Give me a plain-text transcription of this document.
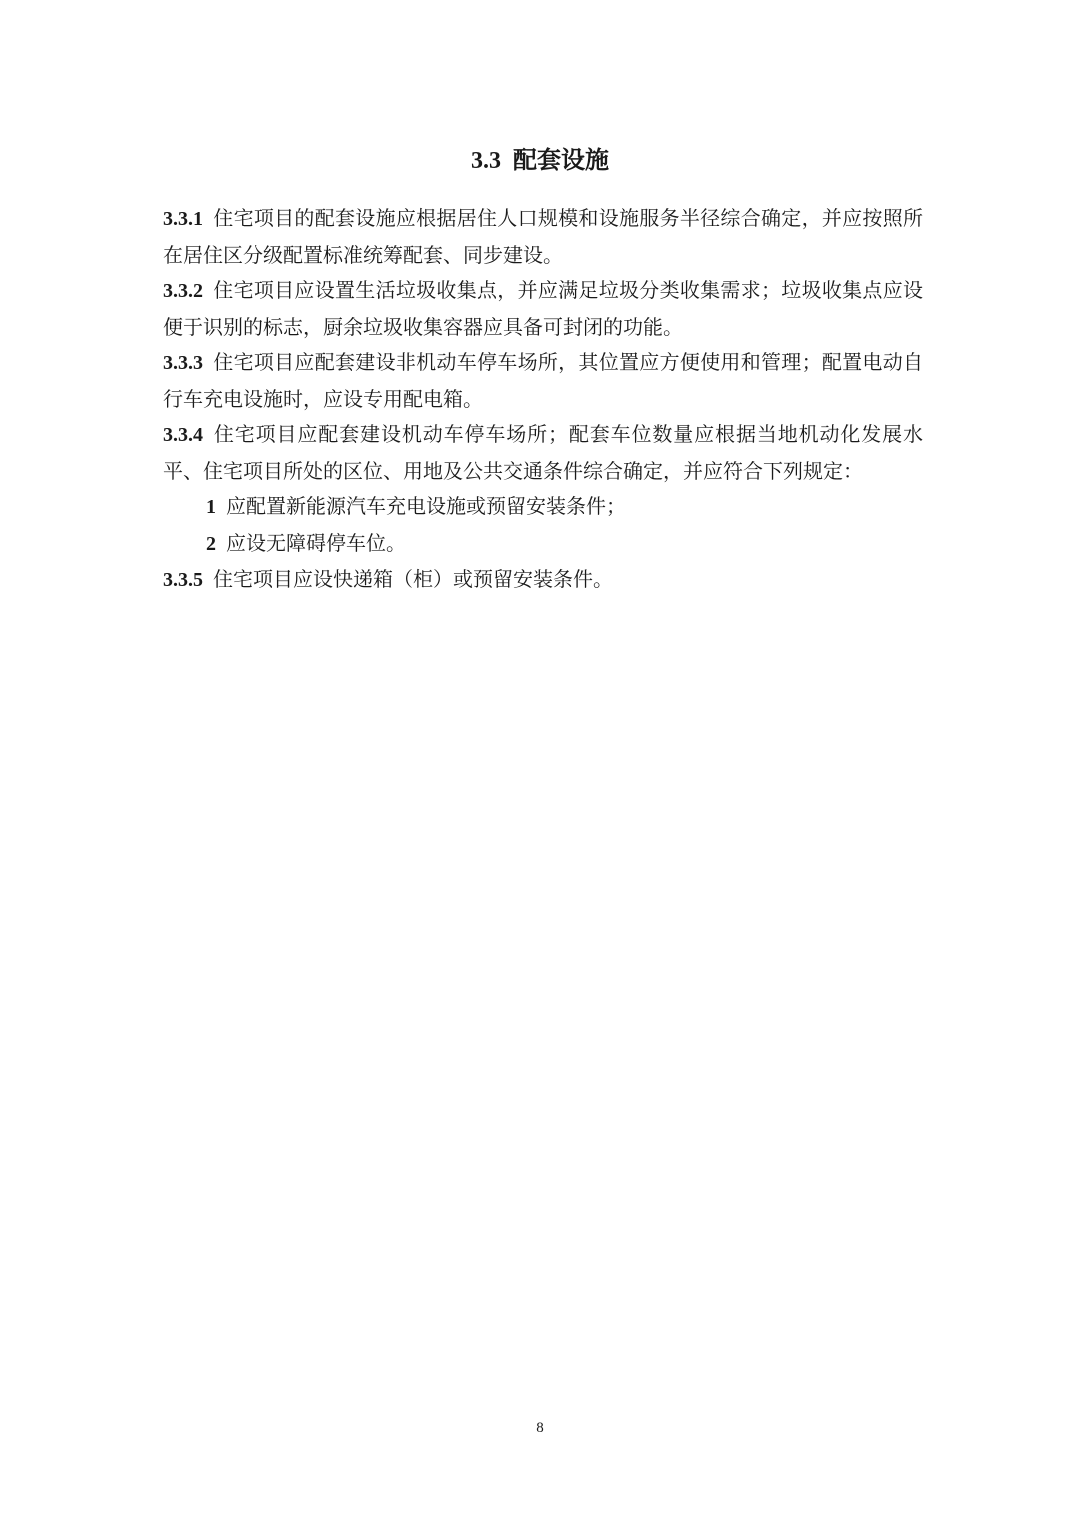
3.3 配套设施

3.3.1 住宅项目的配套设施应根据居住人口规模和设施服务半径综合确定，并应按照所在居住区分级配置标准统筹配套、同步建设。

3.3.2 住宅项目应设置生活垃圾收集点，并应满足垃圾分类收集需求；垃圾收集点应设便于识别的标志，厨余垃圾收集容器应具备可封闭的功能。

3.3.3 住宅项目应配套建设非机动车停车场所，其位置应方便使用和管理；配置电动自行车充电设施时，应设专用配电箱。

3.3.4 住宅项目应配套建设机动车停车场所；配套车位数量应根据当地机动化发展水平、住宅项目所处的区位、用地及公共交通条件综合确定，并应符合下列规定：

1 应配置新能源汽车充电设施或预留安装条件；

2 应设无障碍停车位。

3.3.5 住宅项目应设快递箱（柜）或预留安装条件。

8
